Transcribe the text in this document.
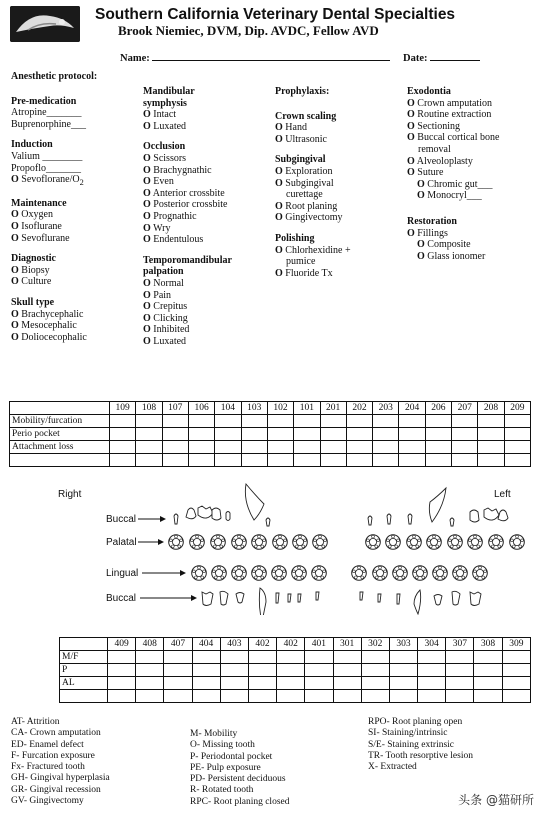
Southern California Veterinary Dental Specialties
Brook Niemiec, DVM, Dip. AVDC, Fellow AVD
Name:	Date:
Anesthetic protocol:
Pre-medication
Atropine_______
Buprenorphine___
Induction
Valium ________
Propoflo_______
O Sevoflorane/$O_2$
Maintenance
O Oxygen
O Isoflurane
O Sevoflurane
Diagnostic
O Biopsy
O Culture
Skull type
O Brachycephalic
O Mesocephalic
O Doliocecophalic
Mandibular
symphysis
O Intact
O Luxated
Occlusion
O Scissors
O Brachygnathic
O Even
O Anterior crossbite
O Posterior crossbite
O Prognathic
O Wry
O Endentulous
Temporomandibular
palpation
O Normal
O Pain
O Crepitus
O Clicking
O Inhibited
O Luxated
Prophylaxis:
Crown scaling
O Hand
O Ultrasonic
Subgingival
O Exploration
O Subgingival
curettage
O Root planing
O Gingivectomy
Polishing
O Chlorhexidine +
pumice
O Fluoride Tx
Exodontia
O Crown amputation
O Routine extraction
O Sectioning
O Buccal cortical bone
removal
O Alveoloplasty
O Suture
O Chromic gut___
O Monocryl___
Restoration
O Fillings
O Composite
O Glass ionomer
	109	108	107	106	104	103	102	101	201	202	203	204	206	207	208	209
Mobility/furcation																
Perio pocket																
Attachment loss																

Right	Left
Buccal
Palatal
Lingual
Buccal
	409	408	407	404	403	402	402	401	301	302	303	304	307	308	309
M/F															
P															
AL															

AT- Attrition
CA- Crown amputation
ED- Enamel defect
F- Furcation exposure
Fx- Fractured tooth
GH- Gingival hyperplasia
GR- Gingival recession
GV- Gingivectomy
M- Mobility
O- Missing tooth
P- Periodontal pocket
PE- Pulp exposure
PD- Persistent deciduous
R- Rotated tooth
RPC- Root planing closed
RPO- Root planing open
SI- Staining/intrinsic
S/E- Staining extrinsic
TR- Tooth resorptive lesion
X- Extracted
头条 @猫研所
